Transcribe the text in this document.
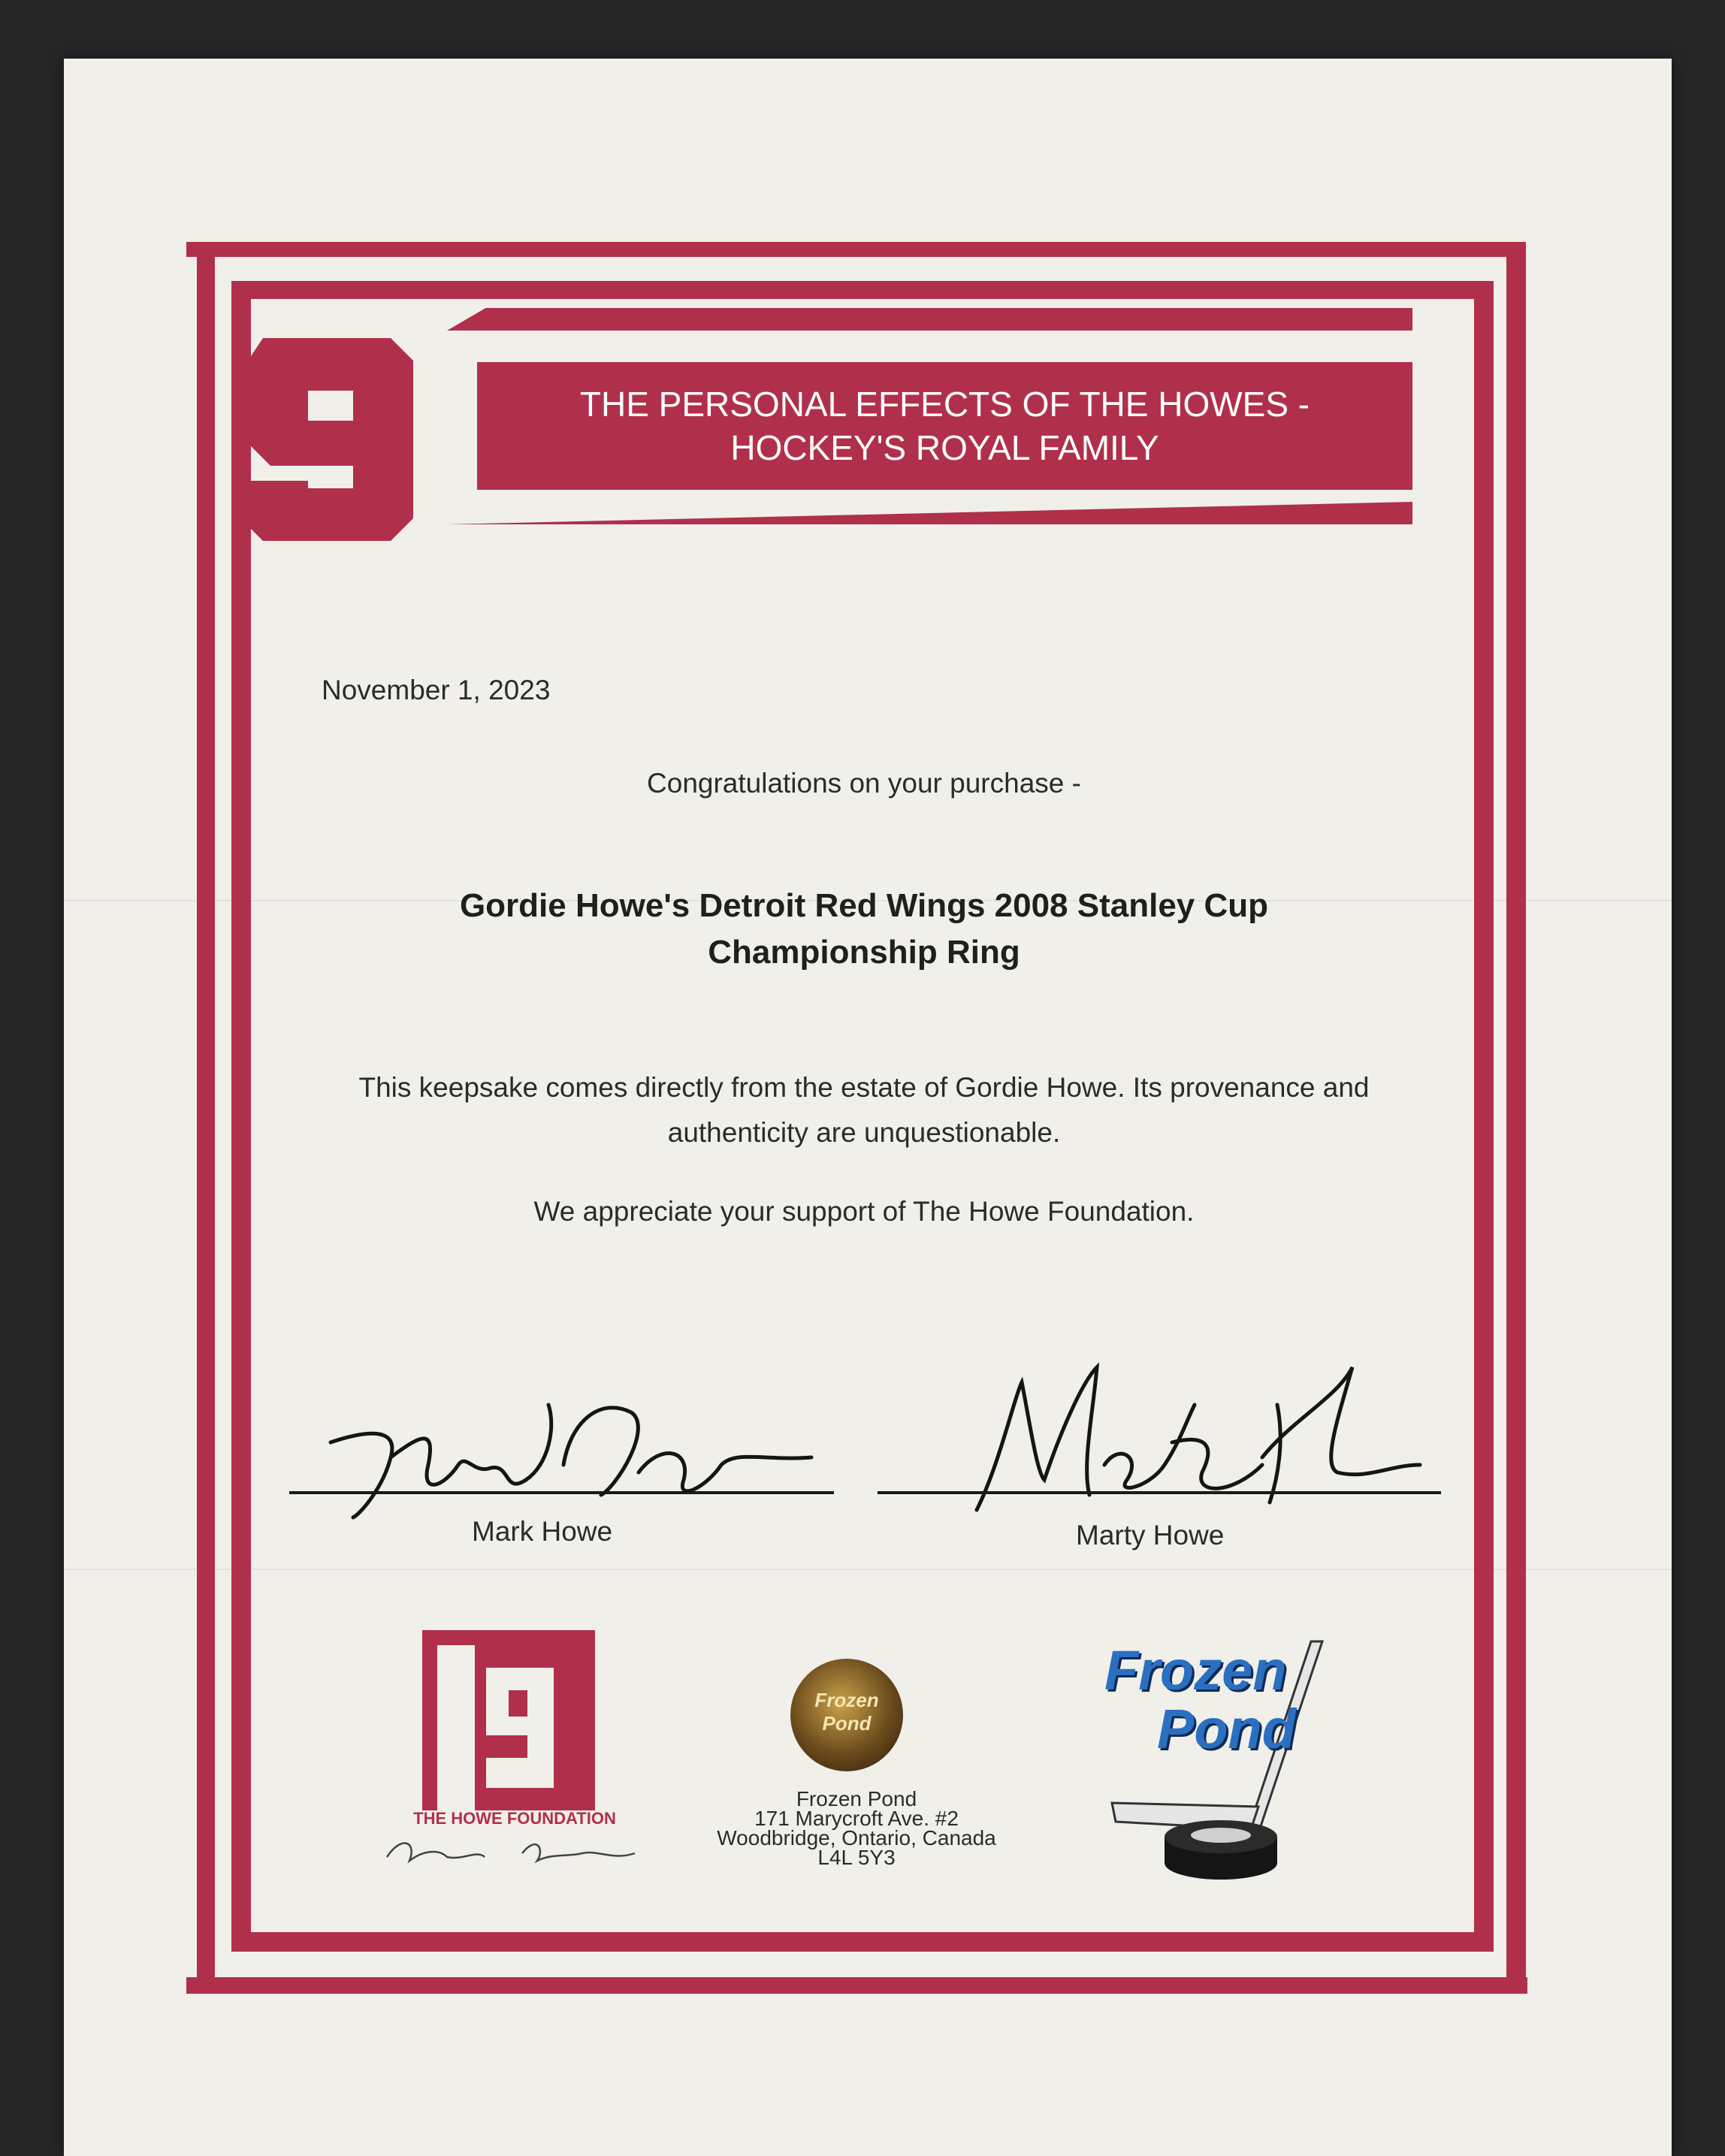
THE PERSONAL EFFECTS OF THE HOWES -
HOCKEY'S ROYAL FAMILY
November 1, 2023
Congratulations on your purchase -
Gordie Howe's Detroit Red Wings 2008 Stanley Cup
Championship Ring
This keepsake comes directly from the estate of Gordie Howe. Its provenance and
authenticity are unquestionable.
We appreciate your support of The Howe Foundation.
Mark Howe	Marty Howe
THE HOWE FOUNDATION
Frozen Pond
Frozen Pond
171 Marycroft Ave. #2
Woodbridge, Ontario, Canada
L4L 5Y3
Frozen
Pond
